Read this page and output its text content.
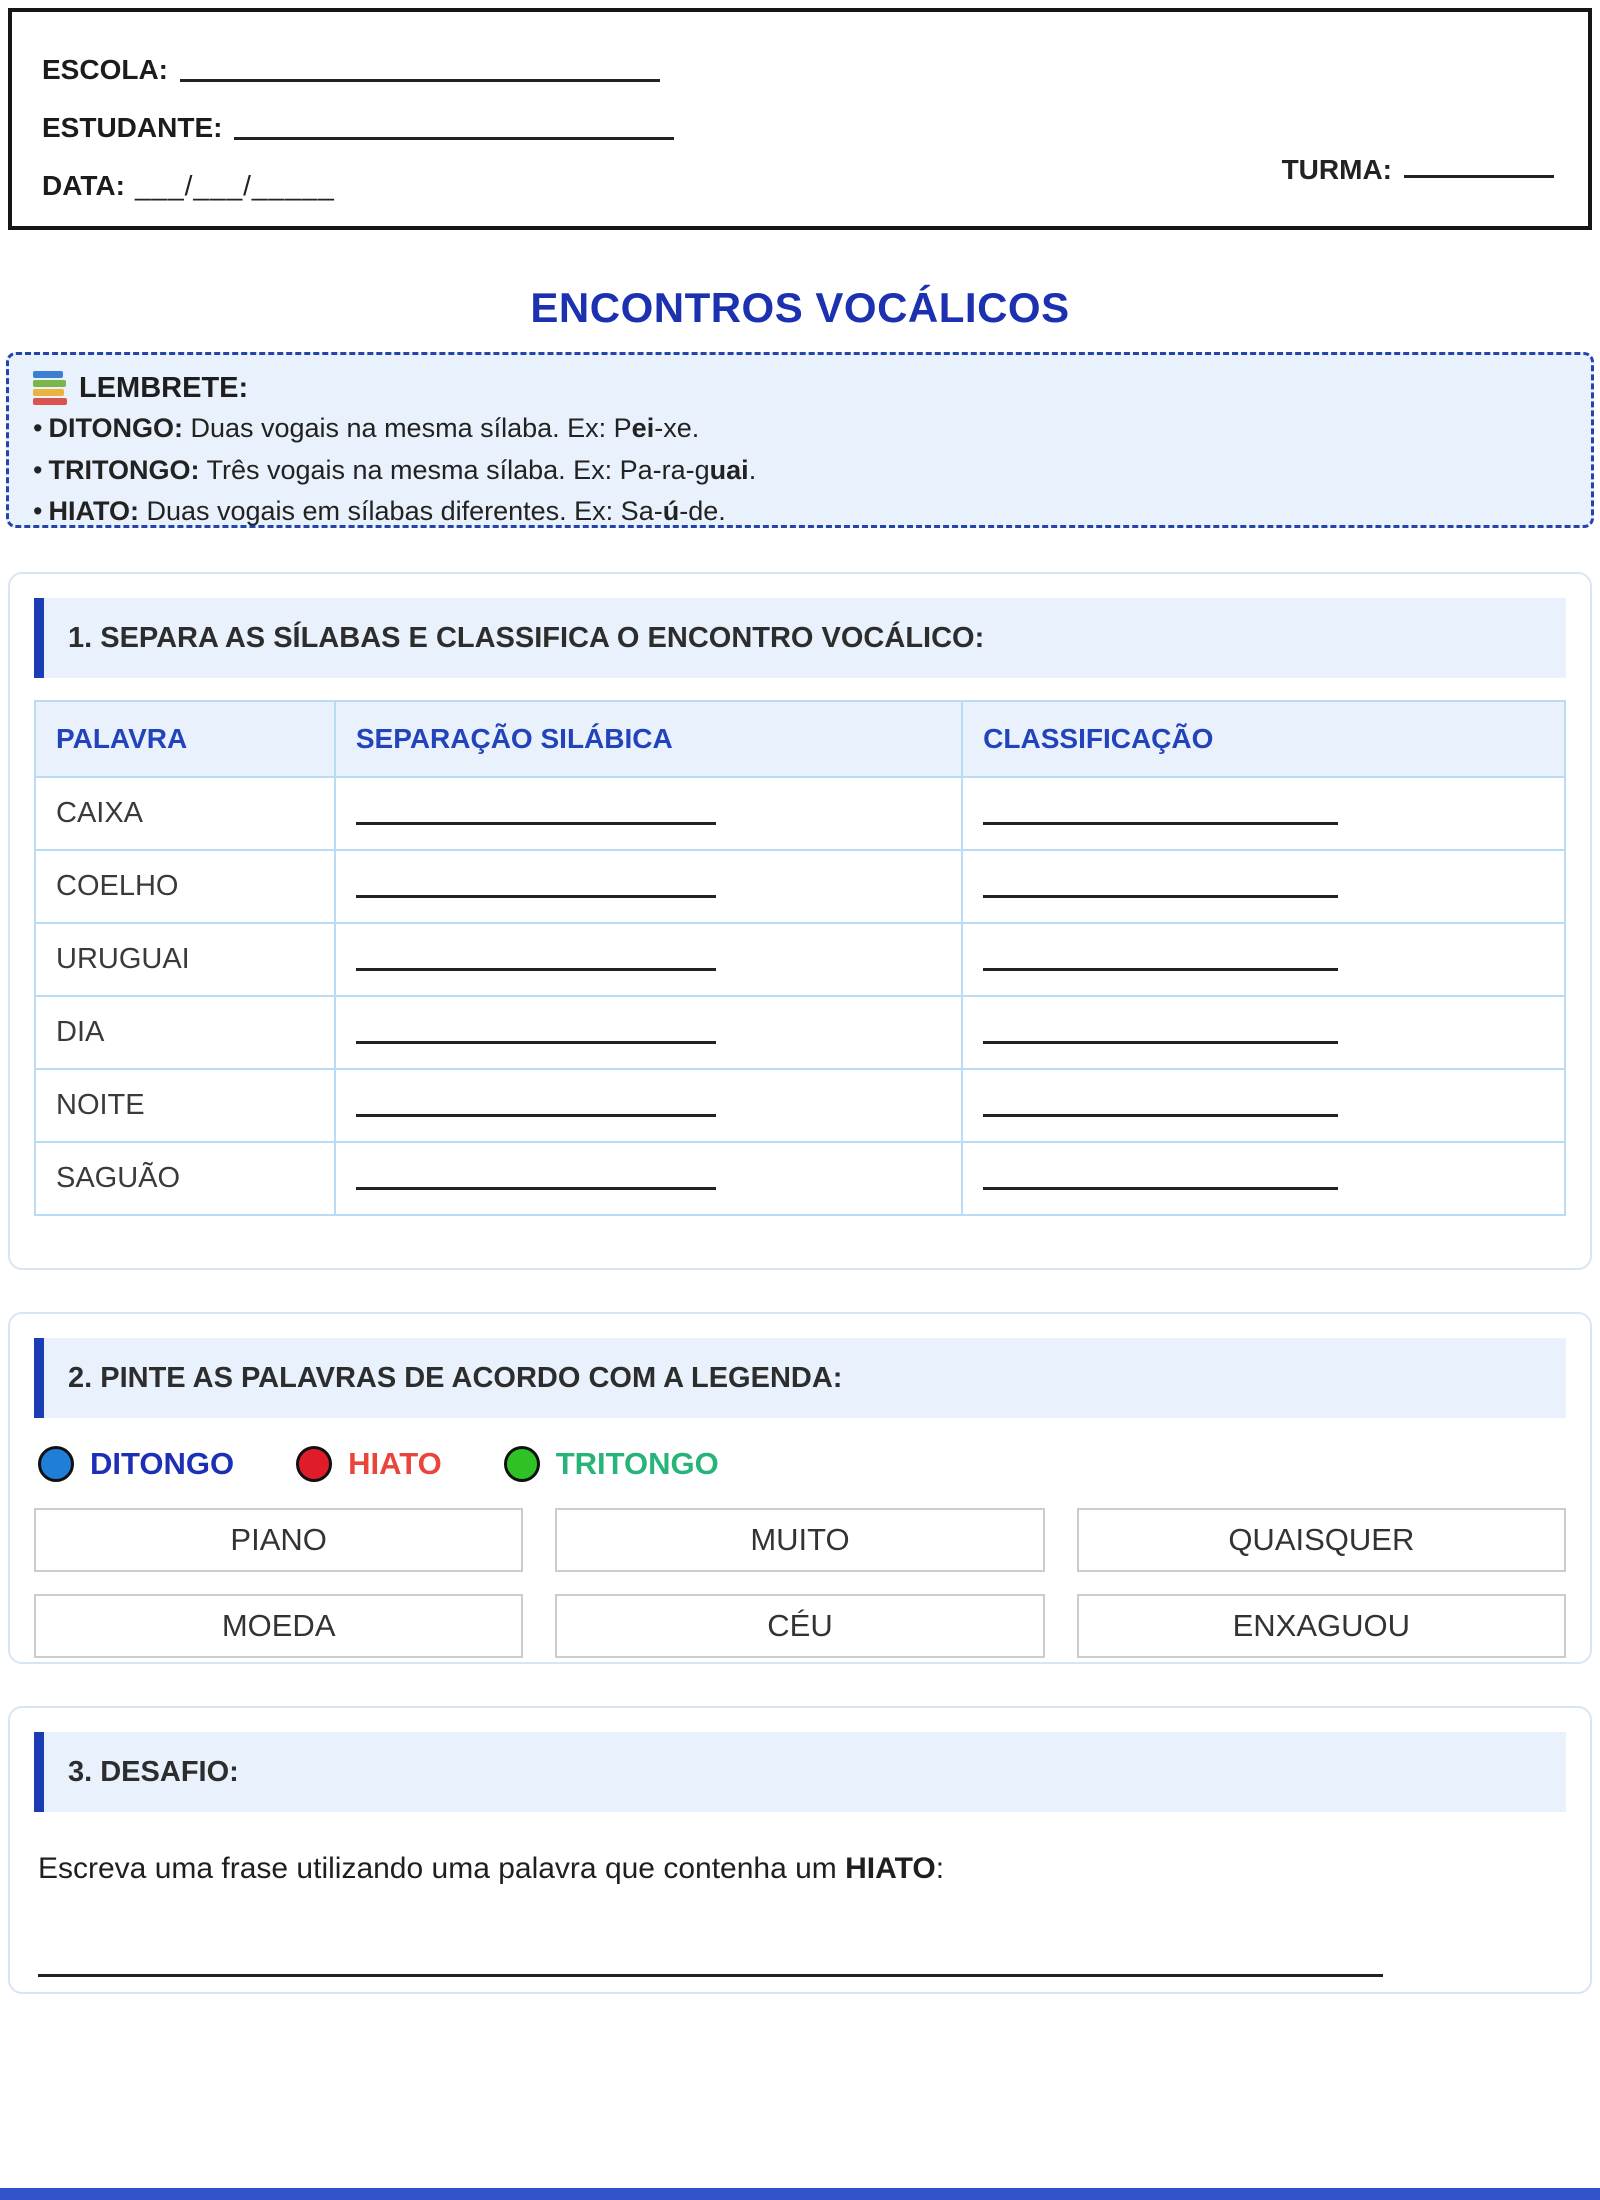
ESCOLA:
ESTUDANTE:
DATA: ___/___/_____
TURMA:
ENCONTROS VOCÁLICOS
LEMBRETE:
• DITONGO: Duas vogais na mesma sílaba. Ex: Pei-xe.
• TRITONGO: Três vogais na mesma sílaba. Ex: Pa-ra-guai.
• HIATO: Duas vogais em sílabas diferentes. Ex: Sa-ú-de.
1. SEPARA AS SÍLABAS E CLASSIFICA O ENCONTRO VOCÁLICO:
PALAVRA	SEPARAÇÃO SILÁBICA	CLASSIFICAÇÃO
CAIXA		
COELHO		
URUGUAI		
DIA		
NOITE		
SAGUÃO		
2. PINTE AS PALAVRAS DE ACORDO COM A LEGENDA:
DITONGO	HIATO	TRITONGO
PIANO	MUITO	QUAISQUER
MOEDA	CÉU	ENXAGUOU
3. DESAFIO:

Escreva uma frase utilizando uma palavra que contenha um HIATO:
